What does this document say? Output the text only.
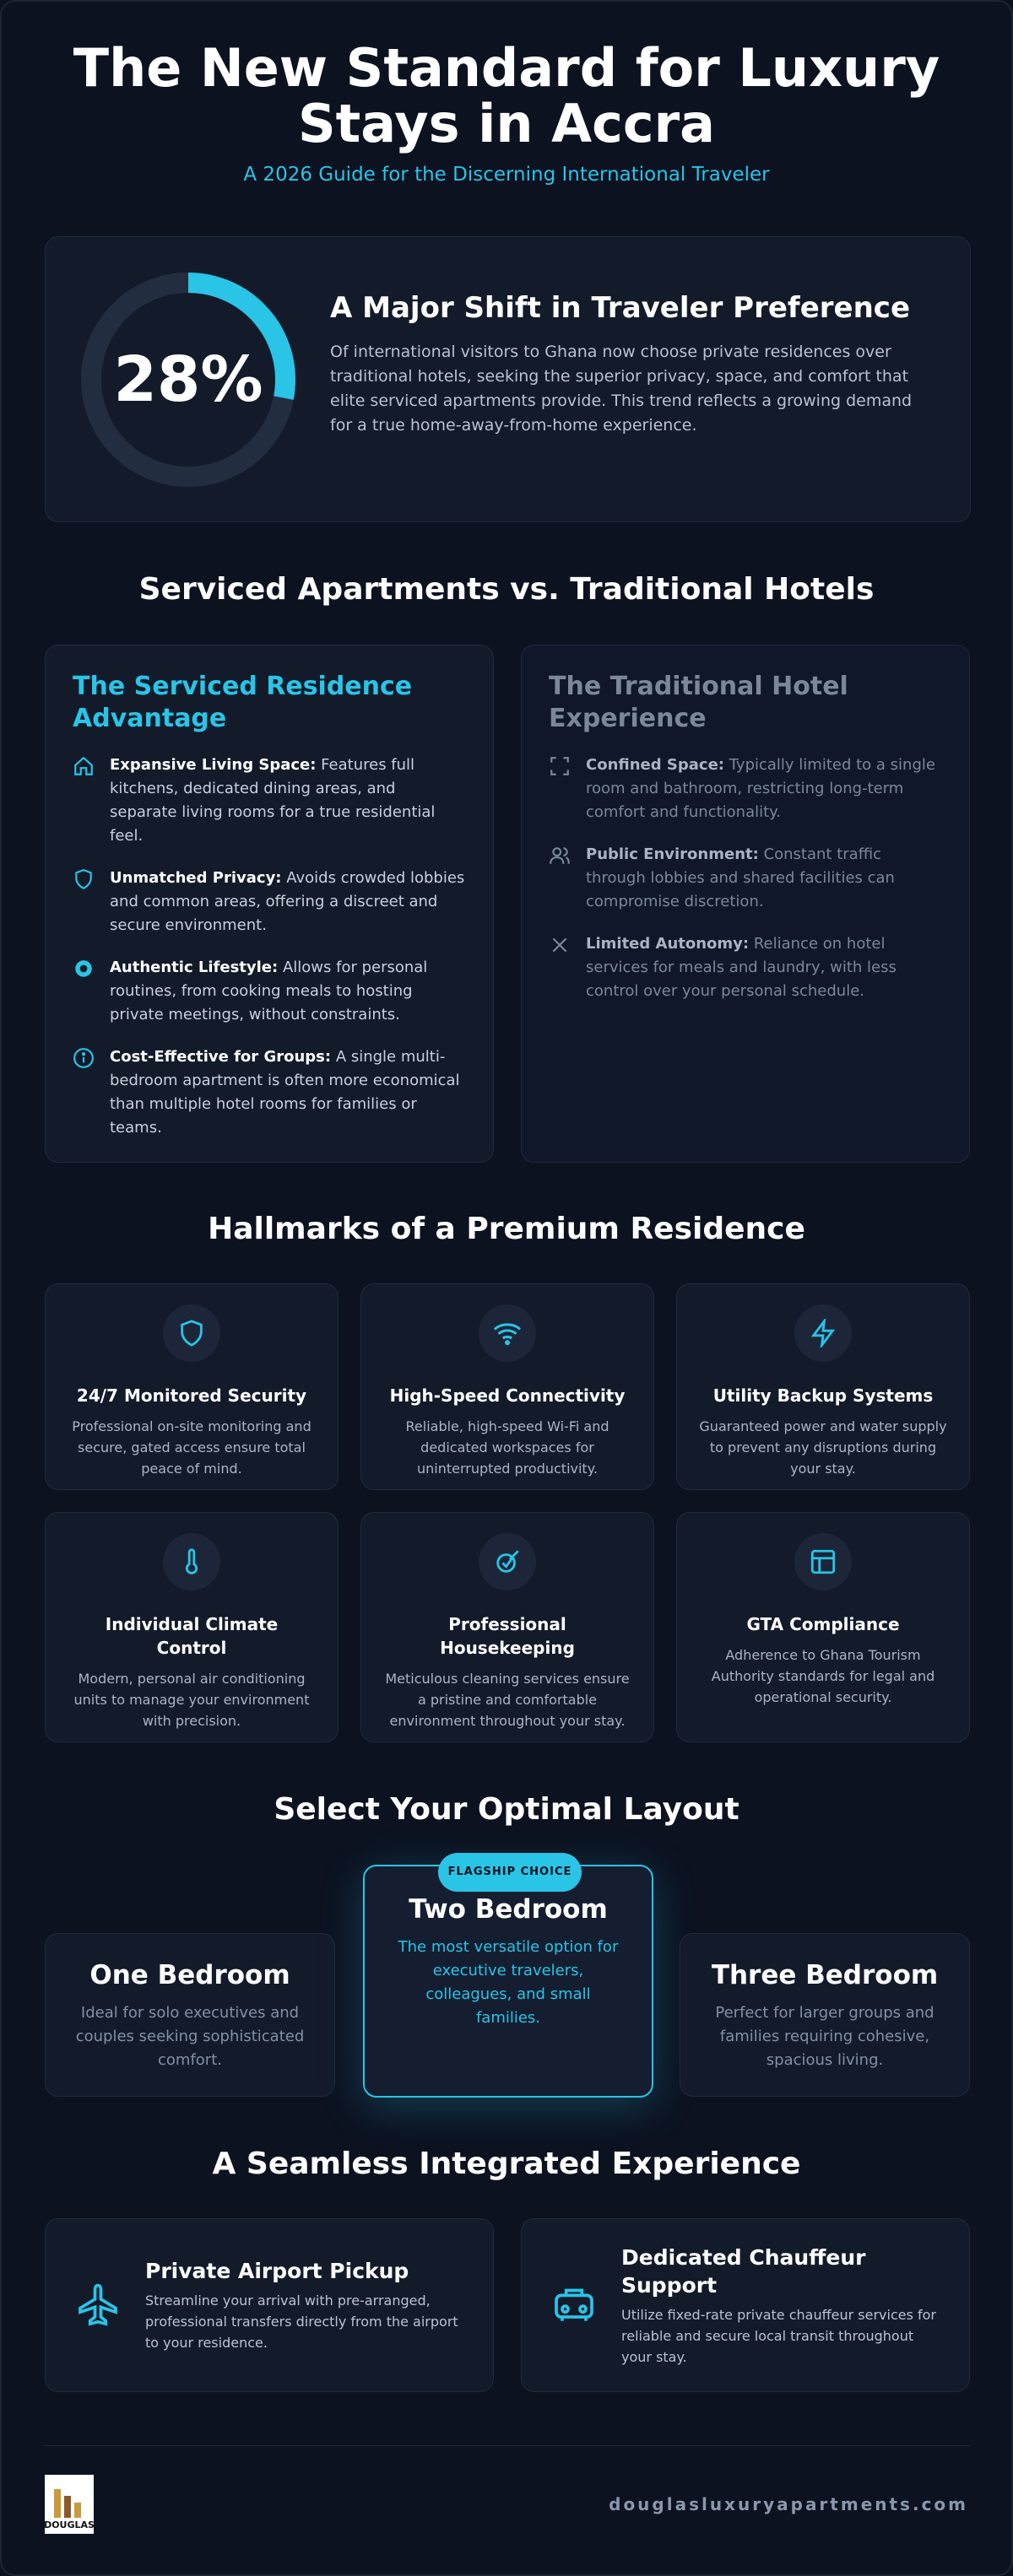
The New Standard for Luxury
Stays in Accra
A 2026 Guide for the Discerning International Traveler
28%
A Major Shift in Traveler Preference

Of international visitors to Ghana now choose private residences over traditional hotels, seeking the superior privacy, space, and comfort that elite serviced apartments provide. This trend reflects a growing demand for a true home-away-from-home experience.

Serviced Apartments vs. Traditional Hotels
The Serviced Residence Advantage
Expansive Living Space: Features full kitchens, dedicated dining areas, and separate living rooms for a true residential feel.
Unmatched Privacy: Avoids crowded lobbies and common areas, offering a discreet and secure environment.
Authentic Lifestyle: Allows for personal routines, from cooking meals to hosting private meetings, without constraints.
Cost-Effective for Groups: A single multi-bedroom apartment is often more economical than multiple hotel rooms for families or teams.
The Traditional Hotel Experience
Confined Space: Typically limited to a single room and bathroom, restricting long-term comfort and functionality.
Public Environment: Constant traffic through lobbies and shared facilities can compromise discretion.
Limited Autonomy: Reliance on hotel services for meals and laundry, with less control over your personal schedule.
Hallmarks of a Premium Residence
24/7 Monitored Security

Professional on-site monitoring and secure, gated access ensure total peace of mind.

High-Speed Connectivity

Reliable, high-speed Wi-Fi and dedicated workspaces for uninterrupted productivity.

Utility Backup Systems

Guaranteed power and water supply to prevent any disruptions during your stay.

Individual Climate Control

Modern, personal air conditioning units to manage your environment with precision.

Professional Housekeeping

Meticulous cleaning services ensure a pristine and comfortable environment throughout your stay.

GTA Compliance

Adherence to Ghana Tourism Authority standards for legal and operational security.

Select Your Optimal Layout
One Bedroom

Ideal for solo executives and couples seeking sophisticated comfort.

FLAGSHIP CHOICE
Two Bedroom

The most versatile option for executive travelers, colleagues, and small families.

Three Bedroom

Perfect for larger groups and families requiring cohesive, spacious living.

A Seamless Integrated Experience
Private Airport Pickup

Streamline your arrival with pre-arranged, professional transfers directly from the airport to your residence.

Dedicated Chauffeur Support

Utilize fixed-rate private chauffeur services for reliable and secure local transit throughout your stay.

DOUGLAS
douglasluxuryapartments.com
